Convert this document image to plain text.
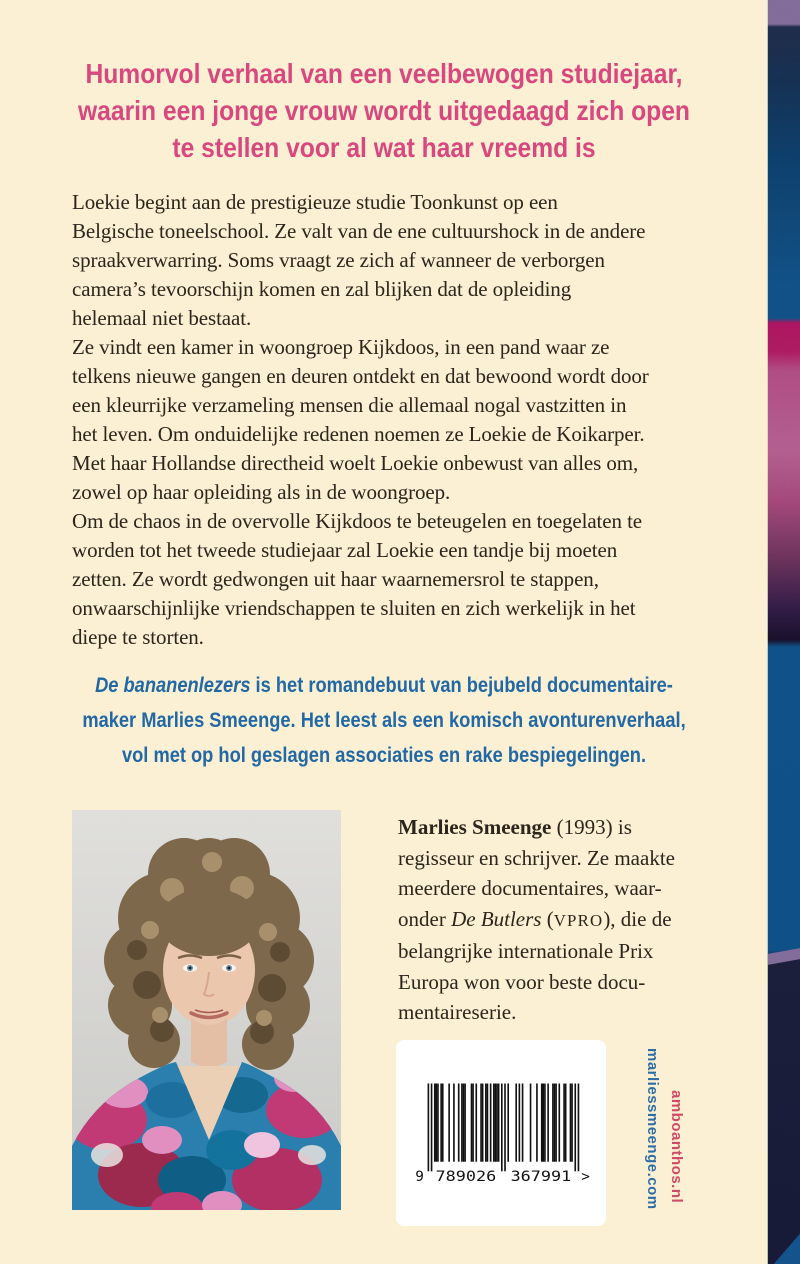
Humorvol verhaal van een veelbewogen studiejaar,
waarin een jonge vrouw wordt uitgedaagd zich open
te stellen voor al wat haar vreemd is
Loekie begint aan de prestigieuze studie Toonkunst op een
Belgische toneelschool. Ze valt van de ene cultuurshock in de andere
spraakverwarring. Soms vraagt ze zich af wanneer de verborgen
camera’s tevoorschijn komen en zal blijken dat de opleiding
helemaal niet bestaat.
Ze vindt een kamer in woongroep Kijkdoos, in een pand waar ze
telkens nieuwe gangen en deuren ontdekt en dat bewoond wordt door
een kleurrijke verzameling mensen die allemaal nogal vastzitten in
het leven. Om onduidelijke redenen noemen ze Loekie de Koikarper.
Met haar Hollandse directheid woelt Loekie onbewust van alles om,
zowel op haar opleiding als in de woongroep.
Om de chaos in de overvolle Kijkdoos te beteugelen en toegelaten te
worden tot het tweede studiejaar zal Loekie een tandje bij moeten
zetten. Ze wordt gedwongen uit haar waarnemersrol te stappen,
onwaarschijnlijke vriendschappen te sluiten en zich werkelijk in het
diepe te storten.
De bananenlezers is het romandebuut van bejubeld documentaire-
maker Marlies Smeenge. Het leest als een komisch avonturenverhaal,
vol met op hol geslagen associaties en rake bespiegelingen.
Marlies Smeenge (1993) is
regisseur en schrijver. Ze maakte
meerdere documentaires, waar-
onder De Butlers (VPRO), die de
belangrijke internationale Prix
Europa won voor beste docu-
mentaireserie.
9 789026 367991 >	marliessmeenge.com amboanthos.nl
